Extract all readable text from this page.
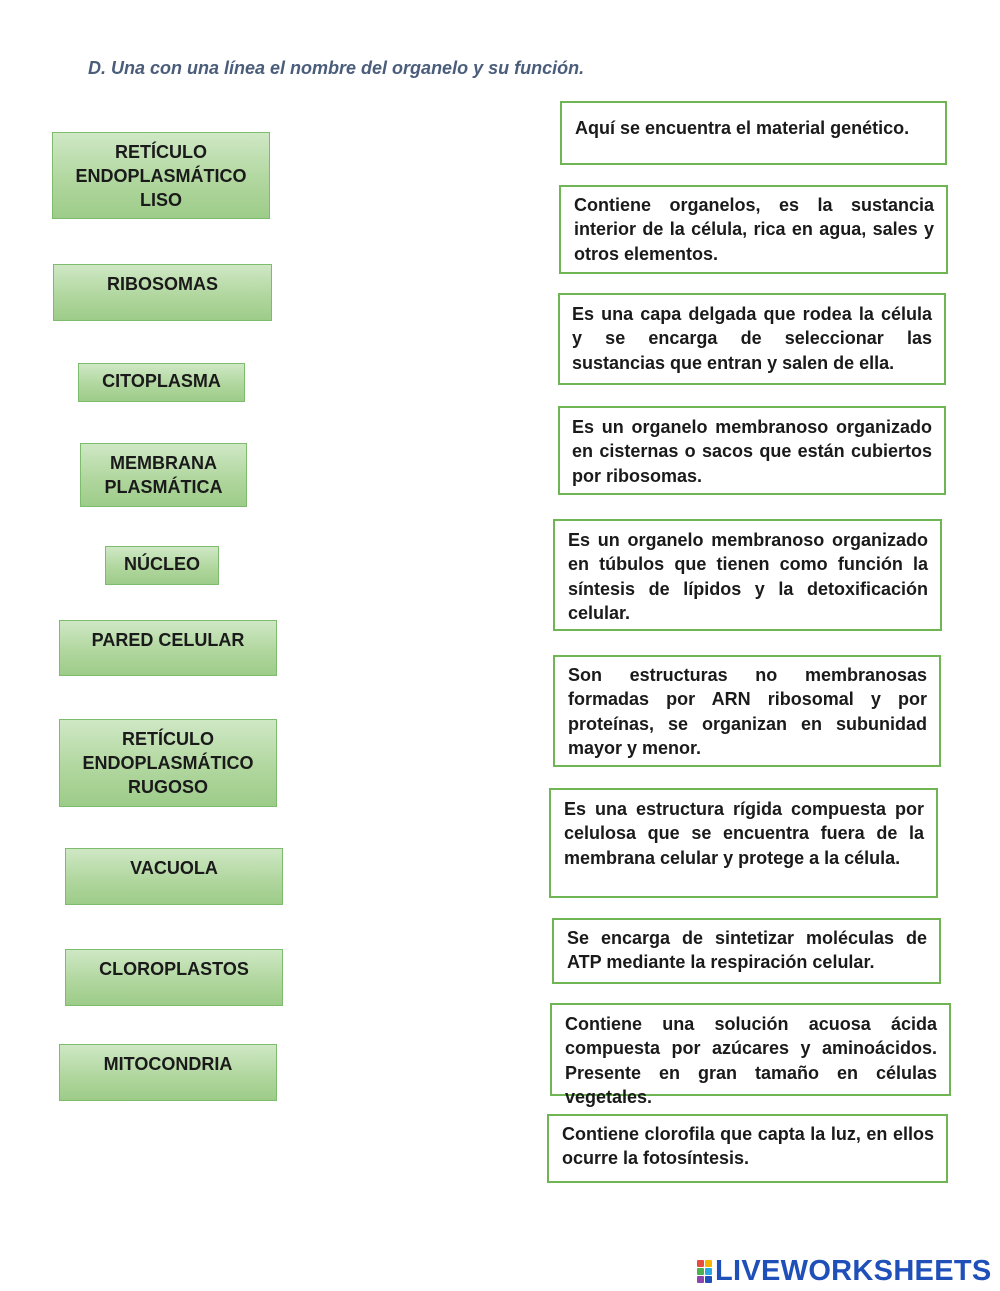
D. Una con una línea el nombre del organelo y su función.
RETÍCULO ENDOPLASMÁTICO LISO
RIBOSOMAS
CITOPLASMA
MEMBRANA PLASMÁTICA
NÚCLEO
PARED CELULAR
RETÍCULO ENDOPLASMÁTICO RUGOSO
VACUOLA
CLOROPLASTOS
MITOCONDRIA
Aquí se encuentra el material genético.
Contiene organelos, es la sustancia interior de la célula, rica en agua, sales y otros elementos.
Es una capa delgada que rodea la célula y se encarga de seleccionar las sustancias que entran y salen de ella.
Es un organelo membranoso organizado en cisternas o sacos que están cubiertos por ribosomas.
Es un organelo membranoso organizado en túbulos que tienen como función la síntesis de lípidos y la detoxificación celular.
Son estructuras no membranosas formadas por ARN ribosomal y por proteínas, se organizan en subunidad mayor y menor.
Es una estructura rígida compuesta por celulosa que se encuentra fuera de la membrana celular y protege a la célula.
Se encarga de sintetizar moléculas de ATP mediante la respiración celular.
Contiene una solución acuosa ácida compuesta por azúcares y aminoácidos. Presente en gran tamaño en células vegetales.
Contiene clorofila que capta la luz, en ellos ocurre la fotosíntesis.
LIVEWORKSHEETS
